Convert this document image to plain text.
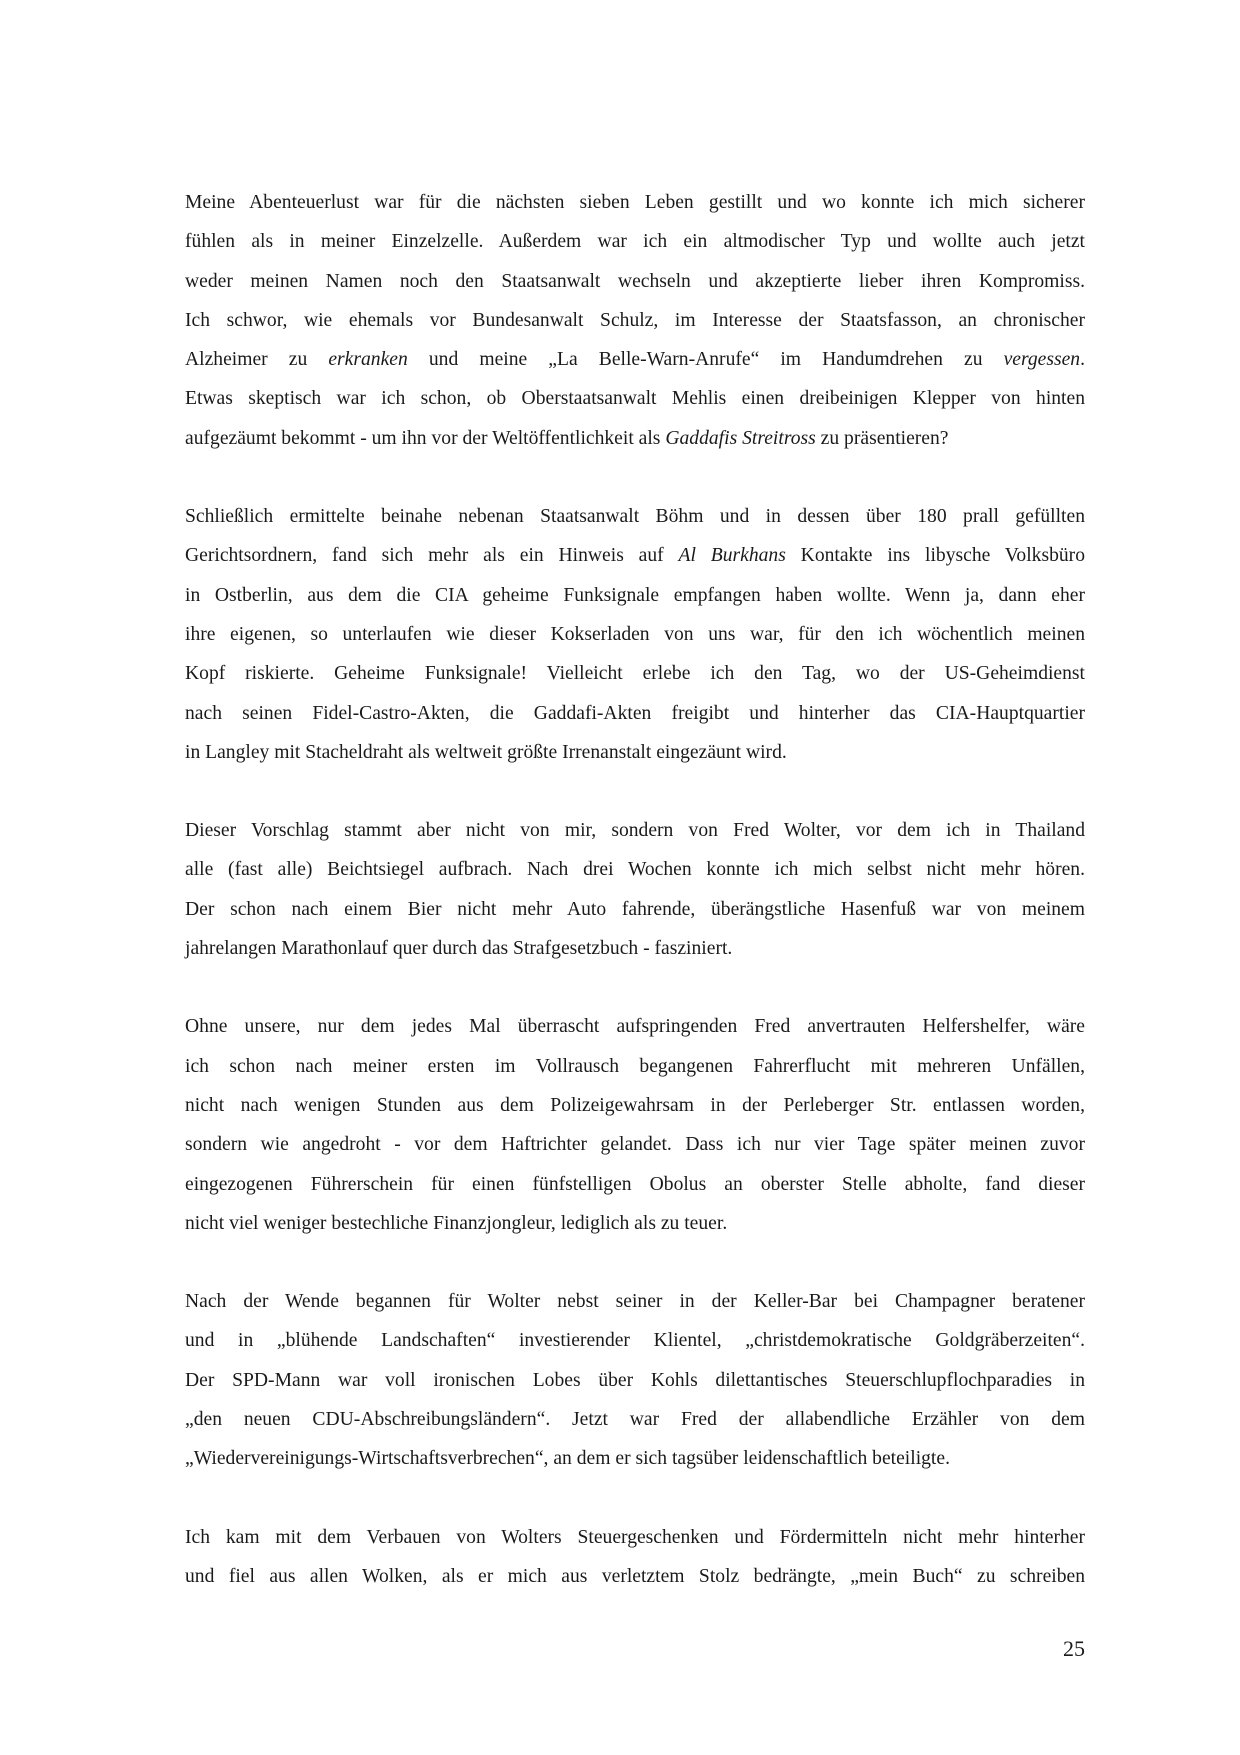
Meine Abenteuerlust war für die nächsten sieben Leben gestillt und wo konnte ich mich sicherer
fühlen als in meiner Einzelzelle. Außerdem war ich ein altmodischer Typ und wollte auch jetzt
weder meinen Namen noch den Staatsanwalt wechseln und akzeptierte lieber ihren Kompromiss.
Ich schwor, wie ehemals vor Bundesanwalt Schulz, im Interesse der Staatsfasson, an chronischer
Alzheimer zu erkranken und meine „La Belle-Warn-Anrufe“ im Handumdrehen zu vergessen.
Etwas skeptisch war ich schon, ob Oberstaatsanwalt Mehlis einen dreibeinigen Klepper von hinten
aufgezäumt bekommt - um ihn vor der Weltöffentlichkeit als Gaddafis Streitross zu präsentieren?

Schließlich ermittelte beinahe nebenan Staatsanwalt Böhm und in dessen über 180 prall gefüllten
Gerichtsordnern, fand sich mehr als ein Hinweis auf Al Burkhans Kontakte ins libysche Volksbüro
in Ostberlin, aus dem die CIA geheime Funksignale empfangen haben wollte. Wenn ja, dann eher
ihre eigenen, so unterlaufen wie dieser Kokserladen von uns war, für den ich wöchentlich meinen
Kopf riskierte. Geheime Funksignale! Vielleicht erlebe ich den Tag, wo der US-Geheimdienst
nach seinen Fidel-Castro-Akten, die Gaddafi-Akten freigibt und hinterher das CIA-Hauptquartier
in Langley mit Stacheldraht als weltweit größte Irrenanstalt eingezäunt wird.

Dieser Vorschlag stammt aber nicht von mir, sondern von Fred Wolter, vor dem ich in Thailand
alle (fast alle) Beichtsiegel aufbrach. Nach drei Wochen konnte ich mich selbst nicht mehr hören.
Der schon nach einem Bier nicht mehr Auto fahrende, überängstliche Hasenfuß war von meinem
jahrelangen Marathonlauf quer durch das Strafgesetzbuch - fasziniert.

Ohne unsere, nur dem jedes Mal überrascht aufspringenden Fred anvertrauten Helfershelfer, wäre
ich schon nach meiner ersten im Vollrausch begangenen Fahrerflucht mit mehreren Unfällen,
nicht nach wenigen Stunden aus dem Polizeigewahrsam in der Perleberger Str. entlassen worden,
sondern wie angedroht - vor dem Haftrichter gelandet. Dass ich nur vier Tage später meinen zuvor
eingezogenen Führerschein für einen fünfstelligen Obolus an oberster Stelle abholte, fand dieser
nicht viel weniger bestechliche Finanzjongleur, lediglich als zu teuer.

Nach der Wende begannen für Wolter nebst seiner in der Keller-Bar bei Champagner beratener
und in „blühende Landschaften“ investierender Klientel, „christdemokratische Goldgräberzeiten“.
Der SPD-Mann war voll ironischen Lobes über Kohls dilettantisches Steuerschlupflochparadies in
„den neuen CDU-Abschreibungsländern“. Jetzt war Fred der allabendliche Erzähler von dem
„Wiedervereinigungs-Wirtschaftsverbrechen“, an dem er sich tagsüber leidenschaftlich beteiligte.

Ich kam mit dem Verbauen von Wolters Steuergeschenken und Fördermitteln nicht mehr hinterher
und fiel aus allen Wolken, als er mich aus verletztem Stolz bedrängte, „mein Buch“ zu schreiben

25
